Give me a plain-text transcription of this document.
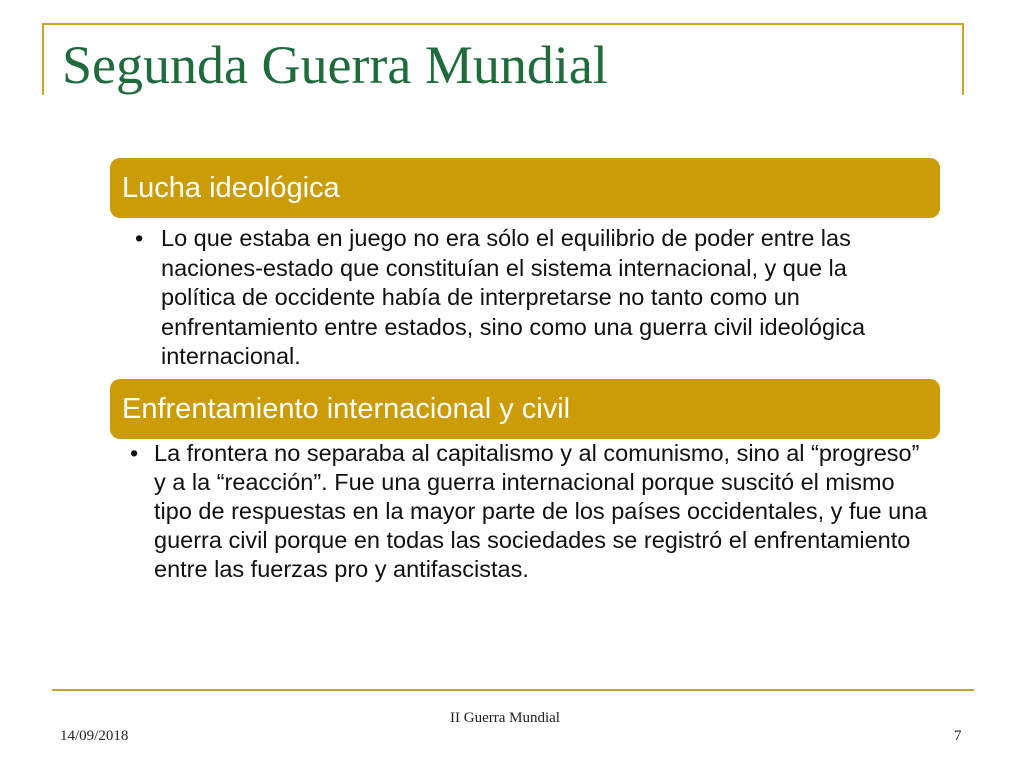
Segunda Guerra Mundial
Lucha ideológica
• Lo que estaba en juego no era sólo el equilibrio de poder entre las naciones-estado que constituían el sistema internacional, y que la política de occidente había de interpretarse no tanto como un enfrentamiento entre estados, sino como una guerra civil ideológica internacional.
Enfrentamiento internacional y civil
• La frontera no separaba al capitalismo y al comunismo, sino al “progreso” y a la “reacción”. Fue una guerra internacional porque suscitó el mismo tipo de respuestas en la mayor parte de los países occidentales, y fue una guerra civil porque en todas las sociedades se registró el enfrentamiento entre las fuerzas pro y antifascistas.
II Guerra Mundial
14/09/2018	7
